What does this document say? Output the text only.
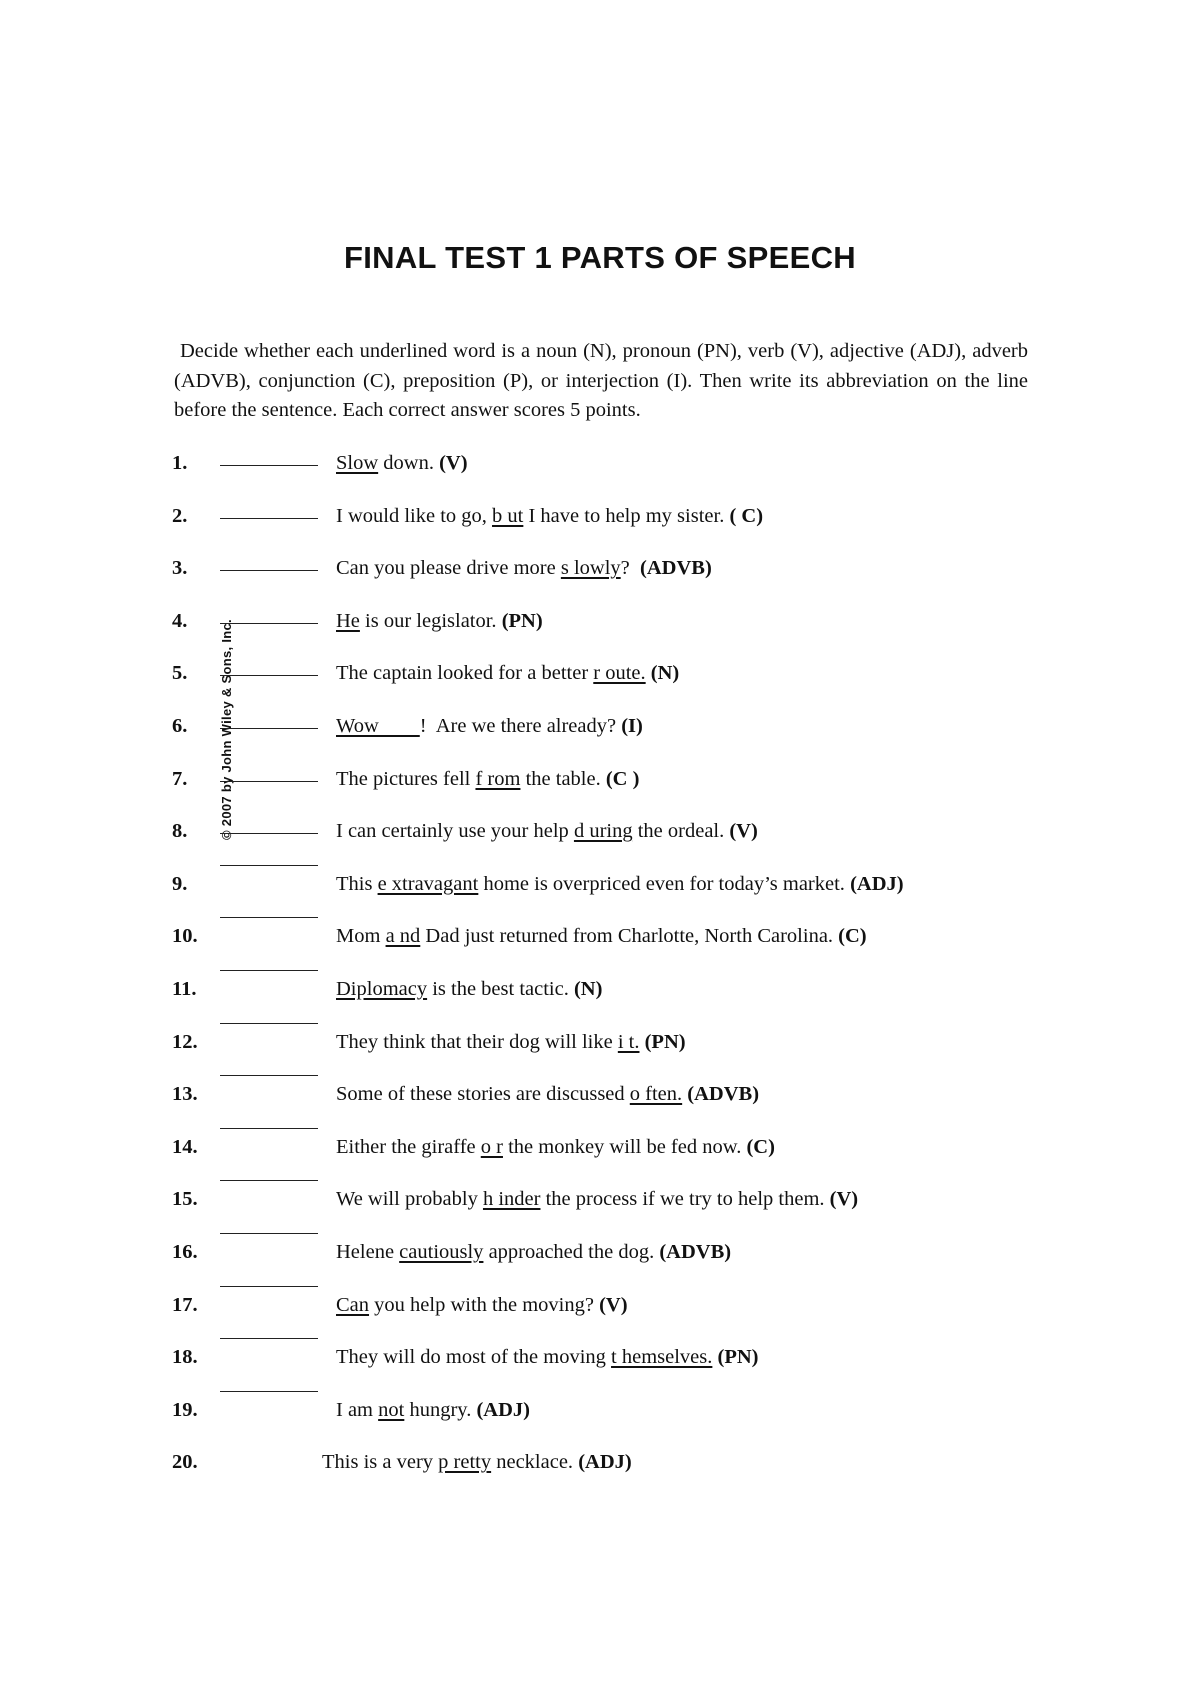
FINAL TEST 1 PARTS OF SPEECH
Decide whether each underlined word is a noun (N), pronoun (PN), verb (V), adjective (ADJ), adverb (ADVB), conjunction (C), preposition (P), or interjection (I). Then write its abbreviation on the line before the sentence. Each correct answer scores 5 points.
© 2007 by John Wiley & Sons, Inc.
1.	Slow down. (V)
2.	I would like to go, b ut I have to help my sister. ( C)
3.	Can you please drive more s lowly?  (ADVB)
4.	He is our legislator. (PN)
5.	The captain looked for a better r oute. (N)
6.	Wow        !  Are we there already? (I)
7.	The pictures fell f rom the table. (C )
8.	I can certainly use your help d uring the ordeal. (V)
9.	This e xtravagant home is overpriced even for today’s market. (ADJ)
10.	Mom a nd Dad just returned from Charlotte, North Carolina. (C)
11.	Diplomacy is the best tactic. (N)
12.	They think that their dog will like i t. (PN)
13.	Some of these stories are discussed o ften. (ADVB)
14.	Either the giraffe o r the monkey will be fed now. (C)
15.	We will probably h inder the process if we try to help them. (V)
16.	Helene cautiously approached the dog. (ADVB)
17.	Can you help with the moving? (V)
18.	They will do most of the moving t hemselves. (PN)
19.	I am not hungry. (ADJ)
20.	This is a very p retty necklace. (ADJ)
